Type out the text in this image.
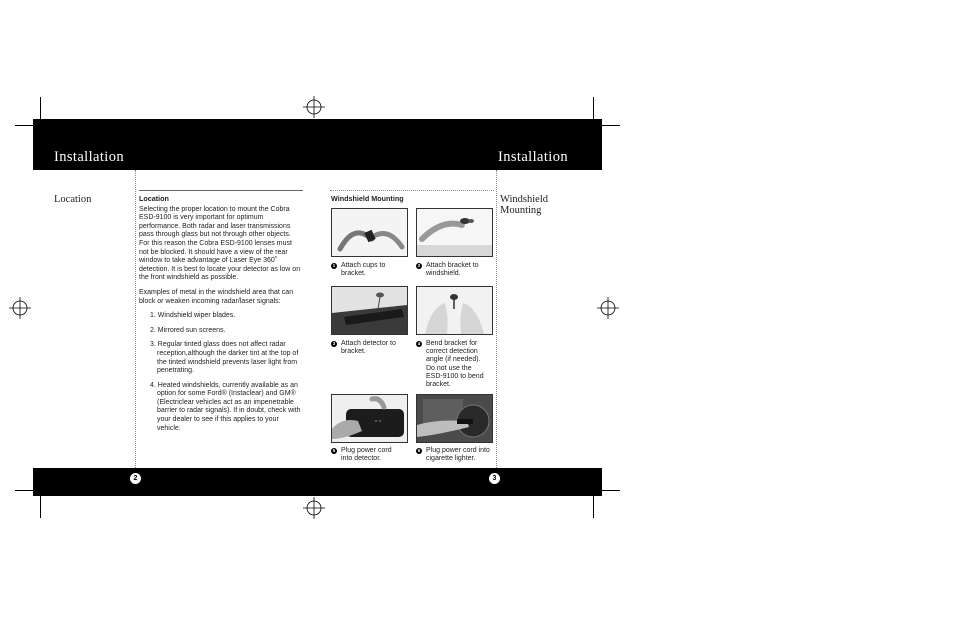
Installation	Installation
2	3
Location	Windshield Mounting

Location

Selecting the proper location to mount the Cobra ESD-9100 is very important for optimum performance. Both radar and laser transmissions pass through glass but not through other objects. For this reason the Cobra ESD-9100 lenses must not be blocked. It should have a view of the rear window to take advantage of Laser Eye 360˚ detection. It is best to locate your detector as low on the front windshield as possible.

Examples of metal in the windshield area that can block or weaken incoming radar/laser signals:

1. Windshield wiper blades.
2. Mirrored sun screens.
3. Regular tinted glass does not affect radar reception,although the darker tint at the top of the tinted windshield prevents laser light from penetrating.
4. Heated windshields, currently available as an option for some Ford® (Instaclear) and GM® (Electriclear vehicles act as an impenetrable barrier to radar signals). If in doubt, check with your dealer to see if this applies to your vehicle.
Windshield Mounting
1 Attach cups to bracket.
2 Attach bracket to windshield.
3 Attach detector to bracket.
4 Bend bracket for correct detection angle (if needed). Do not use the ESD-9100 to bend bracket.
5 Plug power cord into detector.
6 Plug power cord into cigarette lighter.
